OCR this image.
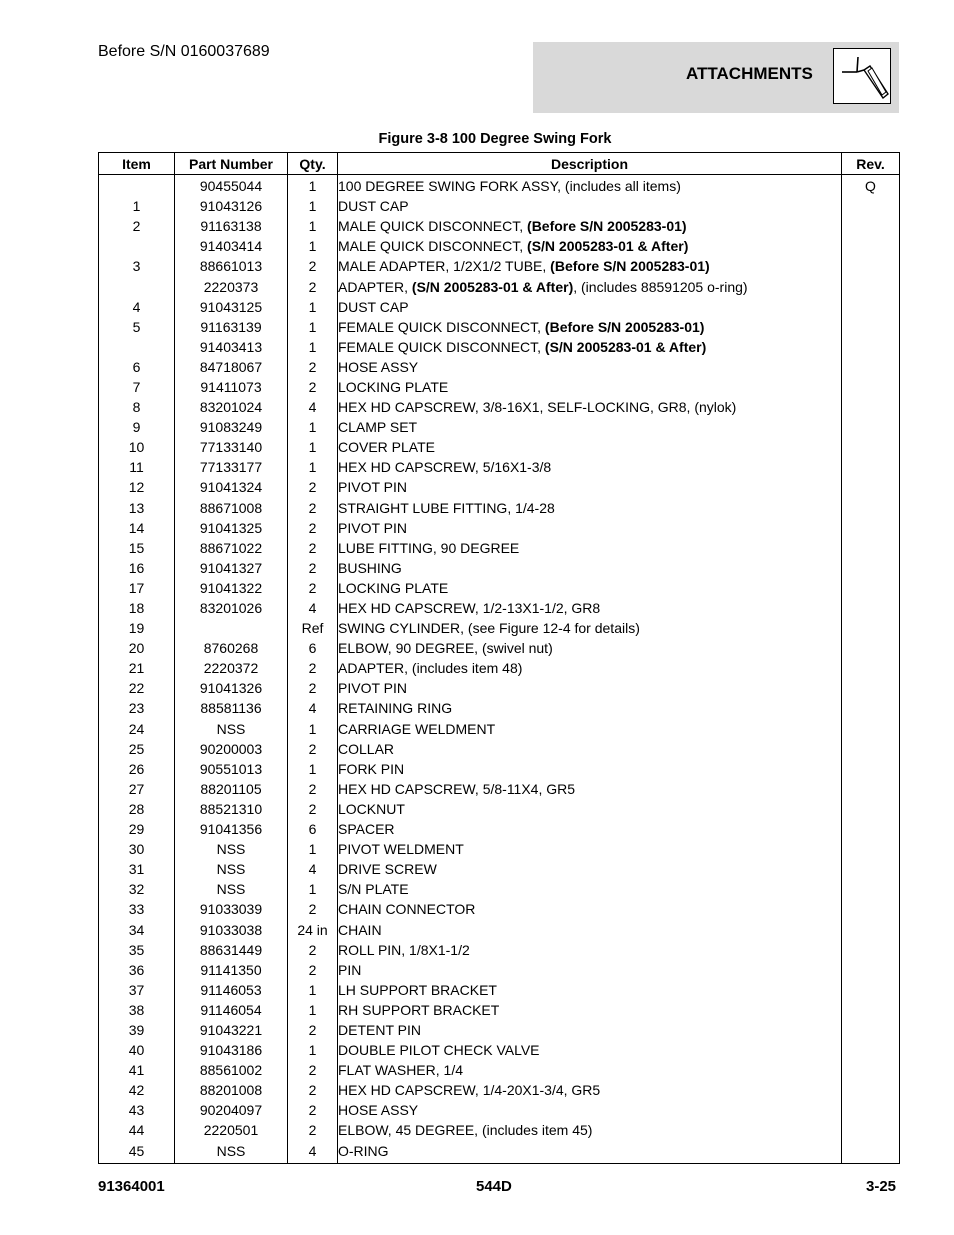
Before S/N 0160037689
ATTACHMENTS
Figure 3-8 100 Degree Swing Fork
Item	Part Number	Qty.	Description	Rev.
	90455044	1	100 DEGREE SWING FORK ASSY, (includes all items)	Q
1	91043126	1	DUST CAP	
2	91163138	1	MALE QUICK DISCONNECT, (Before S/N 2005283-01)	
	91403414	1	MALE QUICK DISCONNECT, (S/N 2005283-01 & After)	
3	88661013	2	MALE ADAPTER, 1/2X1/2 TUBE, (Before S/N 2005283-01)	
	2220373	2	ADAPTER, (S/N 2005283-01 & After), (includes 88591205 o-ring)	
4	91043125	1	DUST CAP	
5	91163139	1	FEMALE QUICK DISCONNECT, (Before S/N 2005283-01)	
	91403413	1	FEMALE QUICK DISCONNECT, (S/N 2005283-01 & After)	
6	84718067	2	HOSE ASSY	
7	91411073	2	LOCKING PLATE	
8	83201024	4	HEX HD CAPSCREW, 3/8-16X1, SELF-LOCKING, GR8, (nylok)	
9	91083249	1	CLAMP SET	
10	77133140	1	COVER PLATE	
11	77133177	1	HEX HD CAPSCREW, 5/16X1-3/8	
12	91041324	2	PIVOT PIN	
13	88671008	2	STRAIGHT LUBE FITTING, 1/4-28	
14	91041325	2	PIVOT PIN	
15	88671022	2	LUBE FITTING, 90 DEGREE	
16	91041327	2	BUSHING	
17	91041322	2	LOCKING PLATE	
18	83201026	4	HEX HD CAPSCREW, 1/2-13X1-1/2, GR8	
19		Ref	SWING CYLINDER, (see Figure 12-4 for details)	
20	8760268	6	ELBOW, 90 DEGREE, (swivel nut)	
21	2220372	2	ADAPTER, (includes item 48)	
22	91041326	2	PIVOT PIN	
23	88581136	4	RETAINING RING	
24	NSS	1	CARRIAGE WELDMENT	
25	90200003	2	COLLAR	
26	90551013	1	FORK PIN	
27	88201105	2	HEX HD CAPSCREW, 5/8-11X4, GR5	
28	88521310	2	LOCKNUT	
29	91041356	6	SPACER	
30	NSS	1	PIVOT WELDMENT	
31	NSS	4	DRIVE SCREW	
32	NSS	1	S/N PLATE	
33	91033039	2	CHAIN CONNECTOR	
34	91033038	24 in	CHAIN	
35	88631449	2	ROLL PIN, 1/8X1-1/2	
36	91141350	2	PIN	
37	91146053	1	LH SUPPORT BRACKET	
38	91146054	1	RH SUPPORT BRACKET	
39	91043221	2	DETENT PIN	
40	91043186	1	DOUBLE PILOT CHECK VALVE	
41	88561002	2	FLAT WASHER, 1/4	
42	88201008	2	HEX HD CAPSCREW, 1/4-20X1-3/4, GR5	
43	90204097	2	HOSE ASSY	
44	2220501	2	ELBOW, 45 DEGREE, (includes item 45)	
45	NSS	4	O-RING	
91364001	544D	3-25
